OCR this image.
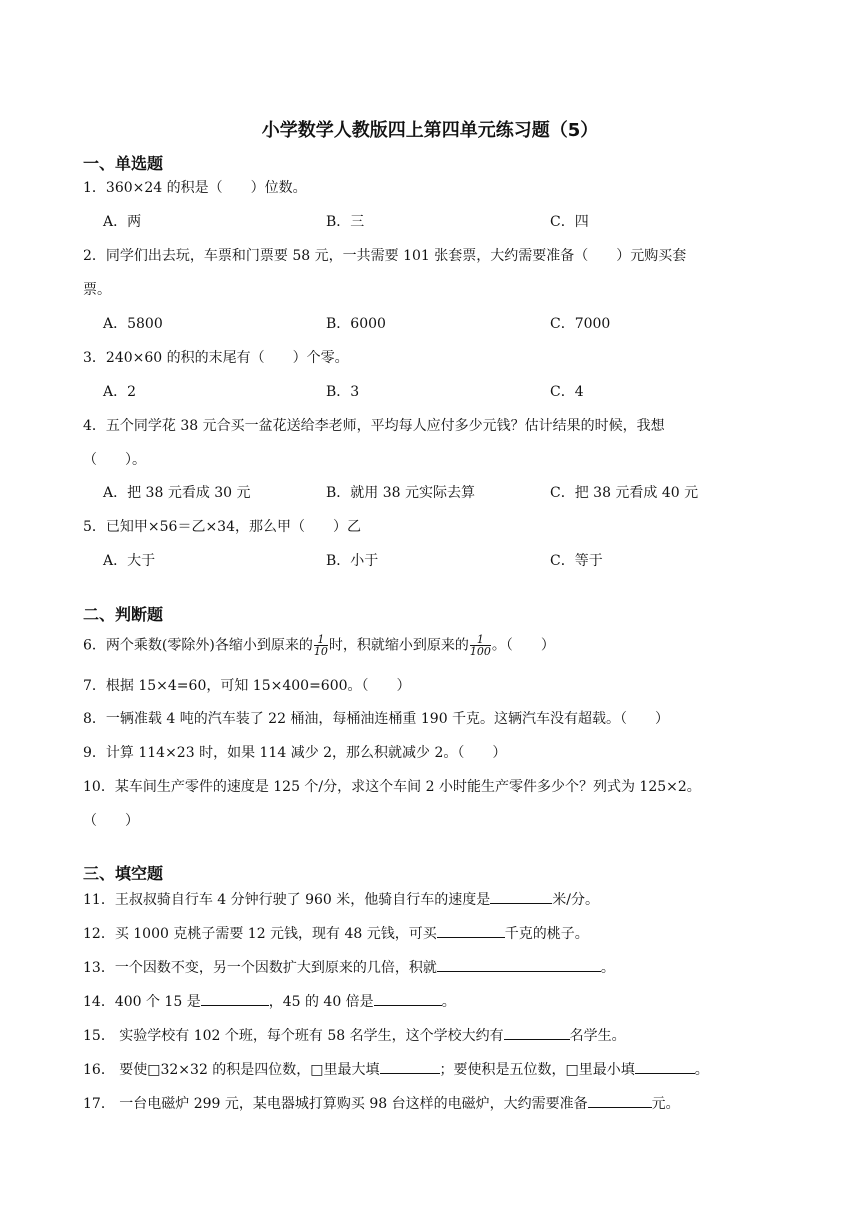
小学数学人教版四上第四单元练习题（5）
一、单选题
1．360×24 的积是（　　）位数。
A．两	B．三	C．四
2．同学们出去玩，车票和门票要 58 元，一共需要 101 张套票，大约需要准备（　　）元购买套
票。
A．5800	B．6000	C．7000
3．240×60 的积的末尾有（　　）个零。
A．2	B．3	C．4
4．五个同学花 38 元合买一盆花送给李老师，平均每人应付多少元钱？估计结果的时候，我想
（　　）。
A．把 38 元看成 30 元	B．就用 38 元实际去算	C．把 38 元看成 40 元
5．已知甲×56＝乙×34，那么甲（　　）乙
A．大于	B．小于	C．等于
二、判断题
6．两个乘数(零除外)各缩小到原来的 $\frac{1}{10}$ 时，积就缩小到原来的 $\frac{1}{100}$ 。（　　）
7．根据 15×4=60，可知 15×400=600。（　　）
8．一辆准载 4 吨的汽车装了 22 桶油，每桶油连桶重 190 千克。这辆汽车没有超载。（　　）
9．计算 114×23 时，如果 114 减少 2，那么积就减少 2。（　　）
10．某车间生产零件的速度是 125 个/分，求这个车间 2 小时能生产零件多少个？列式为 125×2。
（　　）
三、填空题
11．王叔叔骑自行车 4 分钟行驶了 960 米，他骑自行车的速度是	米/分。
12．买 1000 克桃子需要 12 元钱，现有 48 元钱，可买	千克的桃子。
13．一个因数不变，另一个因数扩大到原来的几倍，积就	。
14．400 个 15 是	，45 的 40 倍是	。
15． 实验学校有 102 个班，每个班有 58 名学生，这个学校大约有	名学生。
16． 要使□32×32 的积是四位数，□里最大填	；要使积是五位数，□里最小填	。
17． 一台电磁炉 299 元，某电器城打算购买 98 台这样的电磁炉，大约需要准备	元。
